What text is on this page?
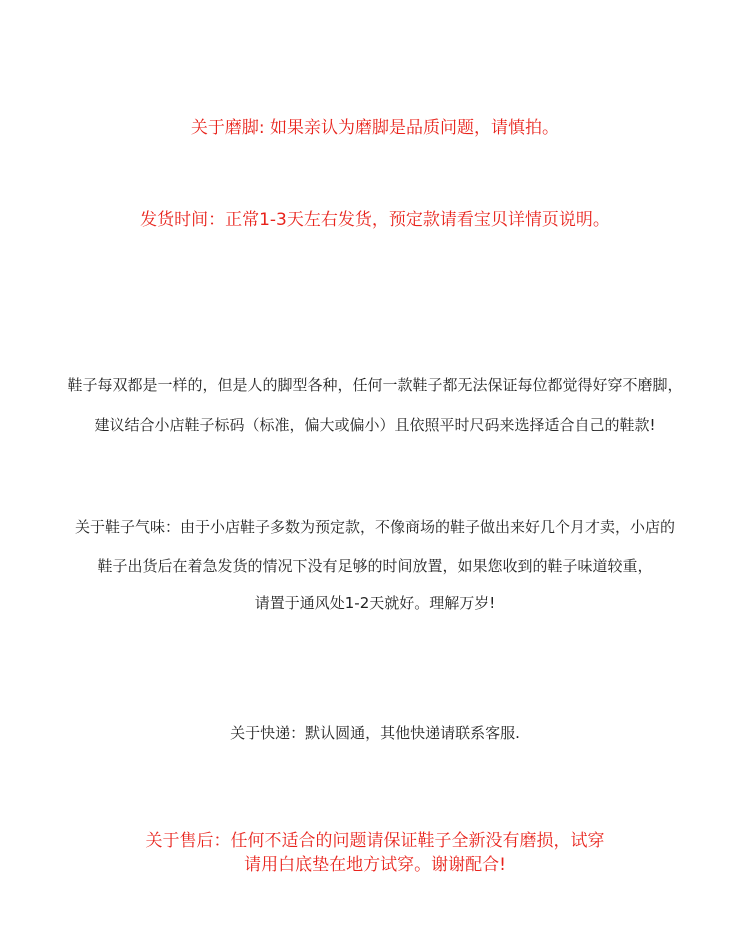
关于磨脚: 如果亲认为磨脚是品质问题，请慎拍。
发货时间：正常1-3天左右发货，预定款请看宝贝详情页说明。
鞋子每双都是一样的，但是人的脚型各种，任何一款鞋子都无法保证每位都觉得好穿不磨脚，
建议结合小店鞋子标码（标准，偏大或偏小）且依照平时尺码来选择适合自己的鞋款!
关于鞋子气味：由于小店鞋子多数为预定款，不像商场的鞋子做出来好几个月才卖，小店的
鞋子出货后在着急发货的情况下没有足够的时间放置，如果您收到的鞋子味道较重，
请置于通风处1-2天就好。理解万岁!
关于快递：默认圆通，其他快递请联系客服.
关于售后：任何不适合的问题请保证鞋子全新没有磨损，试穿
请用白底垫在地方试穿。谢谢配合!
